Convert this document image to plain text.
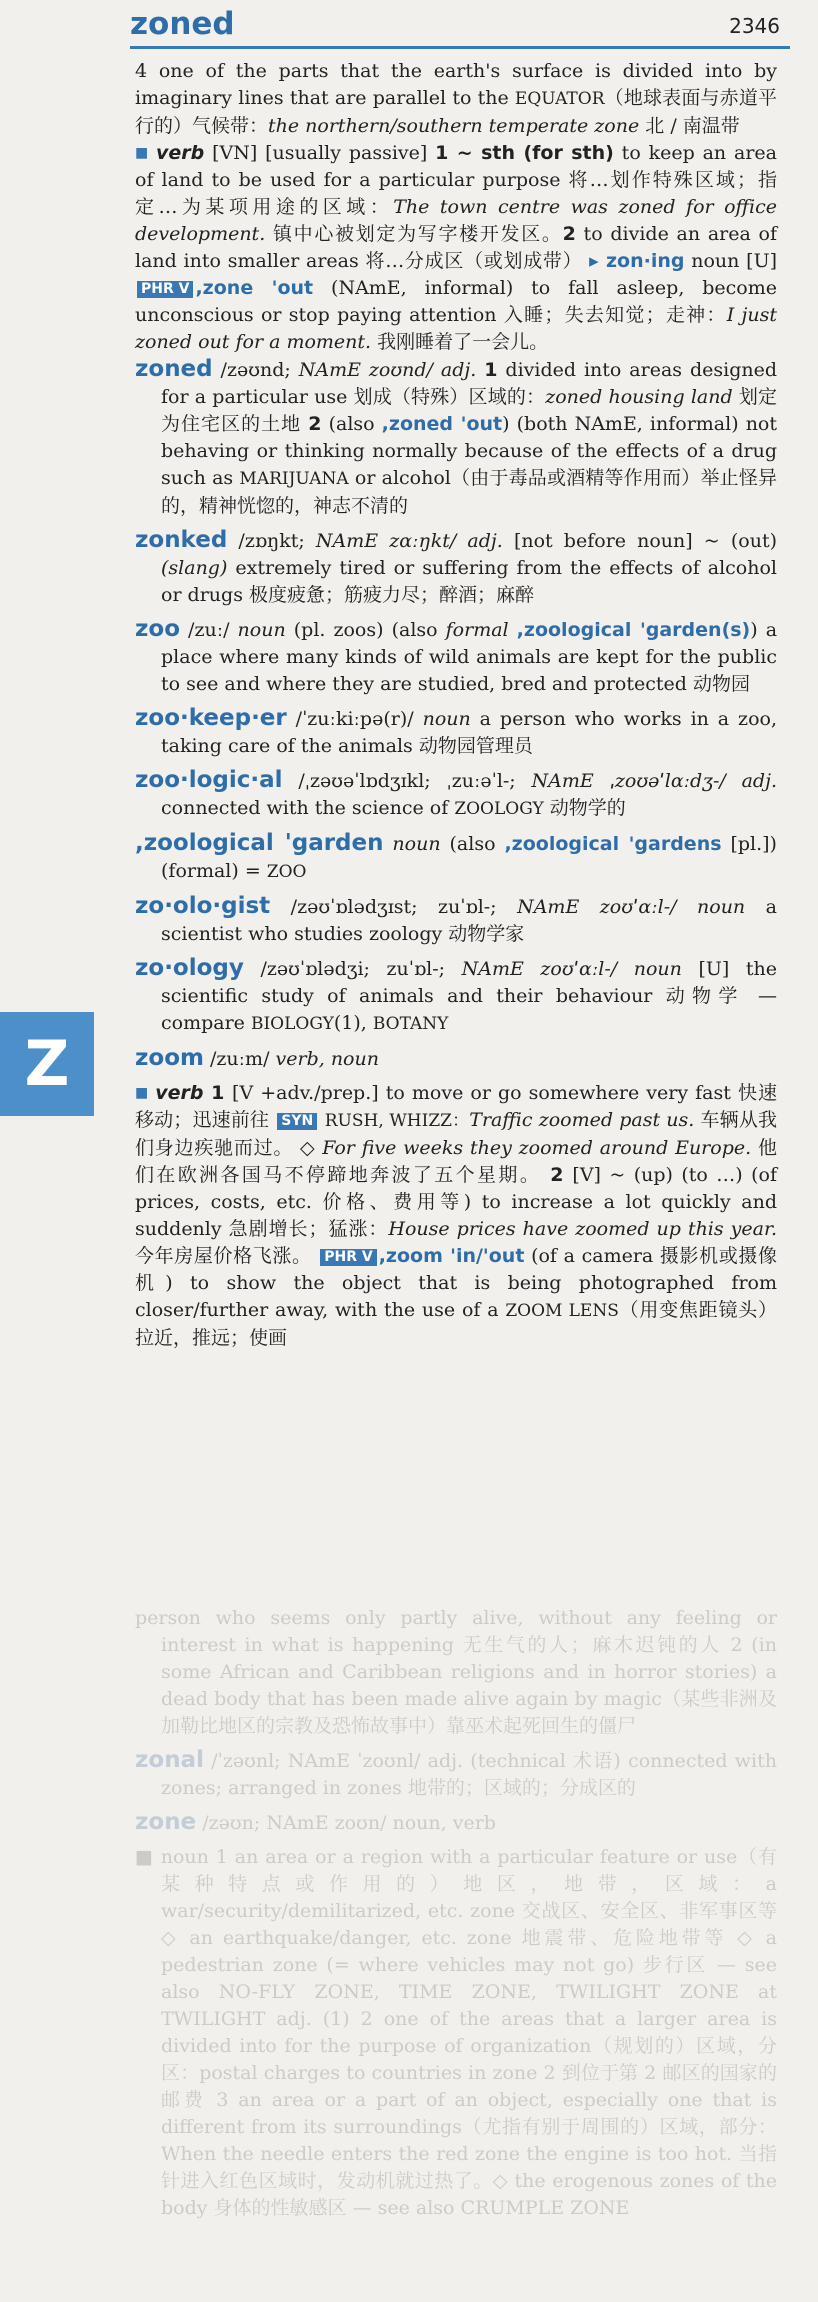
zoned	2346
Z
person who seems only partly alive, without any feeling or interest in what is happening 无生气的人；麻木迟钝的人 2 (in some African and Caribbean religions and in horror stories) a dead body that has been made alive again by magic（某些非洲及加勒比地区的宗教及恐怖故事中）靠巫术起死回生的僵尸
zonal /ˈzəʊnl; NAmE ˈzoʊnl/ adj. (technical 术语) connected with zones; arranged in zones 地带的；区域的；分成区的
zone /zəʊn; NAmE zoʊn/ noun, verb
■ noun 1 an area or a region with a particular feature or use（有某种特点或作用的）地区，地带，区域：a war/security/demilitarized, etc. zone 交战区、安全区、非军事区等 ◇ an earthquake/danger, etc. zone 地震带、危险地带等 ◇ a pedestrian zone (= where vehicles may not go) 步行区 — see also NO-FLY ZONE, TIME ZONE, TWILIGHT ZONE at TWILIGHT adj. (1) 2 one of the areas that a larger area is divided into for the purpose of organization（规划的）区域，分区：postal charges to countries in zone 2 到位于第 2 邮区的国家的邮费 3 an area or a part of an object, especially one that is different from its surroundings（尤指有别于周围的）区域，部分：When the needle enters the red zone the engine is too hot. 当指针进入红色区域时，发动机就过热了。◇ the erogenous zones of the body 身体的性敏感区 — see also CRUMPLE ZONE
4 one of the parts that the earth's surface is divided into by imaginary lines that are parallel to the EQUATOR（地球表面与赤道平行的）气候带：the northern/southern temperate zone 北 / 南温带
■ verb [VN] [usually passive] 1 ~ sth (for sth) to keep an area of land to be used for a particular purpose 将…划作特殊区域；指定…为某项用途的区域：The town centre was zoned for office development. 镇中心被划定为写字楼开发区。2 to divide an area of land into smaller areas 将…分成区（或划成带） ▸ zon·ing noun [U] PHR V ,zone 'out (NAmE, informal) to fall asleep, become unconscious or stop paying attention 入睡；失去知觉；走神：I just zoned out for a moment. 我刚睡着了一会儿。
zoned /zəʊnd; NAmE zoʊnd/ adj. 1 divided into areas designed for a particular use 划成（特殊）区域的：zoned housing land 划定为住宅区的土地 2 (also ,zoned 'out) (both NAmE, informal) not behaving or thinking normally because of the effects of a drug such as MARIJUANA or alcohol（由于毒品或酒精等作用而）举止怪异的，精神恍惚的，神志不清的
zonked /zɒŋkt; NAmE zɑːŋkt/ adj. [not before noun] ~ (out) (slang) extremely tired or suffering from the effects of alcohol or drugs 极度疲惫；筋疲力尽；醉酒；麻醉
zoo /zuː/ noun (pl. zoos) (also formal ,zoological 'garden(s)) a place where many kinds of wild animals are kept for the public to see and where they are studied, bred and protected 动物园
zoo·keep·er /ˈzuːkiːpə(r)/ noun a person who works in a zoo, taking care of the animals 动物园管理员
zoo·logic·al /ˌzəʊəˈlɒdʒɪkl; ˌzuːəˈl-; NAmE ˌzoʊəˈlɑːdʒ-/ adj. connected with the science of ZOOLOGY 动物学的
,zoological 'garden noun (also ,zoological 'gardens [pl.]) (formal) = ZOO
zo·olo·gist /zəʊˈɒlədʒɪst; zuˈɒl-; NAmE zoʊˈɑːl-/ noun a scientist who studies zoology 动物学家
zo·ology /zəʊˈɒlədʒi; zuˈɒl-; NAmE zoʊˈɑːl-/ noun [U] the scientific study of animals and their behaviour 动物学 — compare BIOLOGY(1), BOTANY
zoom /zuːm/ verb, noun
■ verb 1 [V +adv./prep.] to move or go somewhere very fast 快速移动；迅速前往 SYN RUSH, WHIZZ：Traffic zoomed past us. 车辆从我们身边疾驰而过。 ◇ For five weeks they zoomed around Europe. 他们在欧洲各国马不停蹄地奔波了五个星期。 2 [V] ~ (up) (to …) (of prices, costs, etc. 价格、费用等) to increase a lot quickly and suddenly 急剧增长；猛涨：House prices have zoomed up this year. 今年房屋价格飞涨。 PHR V ,zoom 'in/'out (of a camera 摄影机或摄像机) to show the object that is being photographed from closer/further away, with the use of a ZOOM LENS（用变焦距镜头）拉近，推远；使画
